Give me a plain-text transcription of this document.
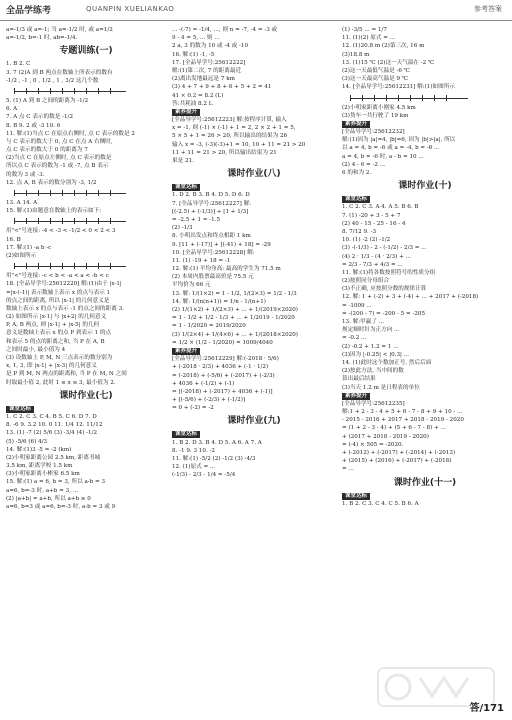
全品学练考	QUANPIN XUELIANKAO	参考答案
a=-1/3 或 a=-1; 当 a=-1/2 时, 或 a=1/2
a=-1/2, b=-1 时, ab=-1/4.
专题训练(一)
1. B 2. C
3. 7 (2)A 到 B 两点在数轴上所表示的数有
-1/2 , -1 , 0 , 1/2 , 1 , 3/2 这几个数
5. (1) A 到 B 之间的距离为 -1/2
6. A
7. A 点 C 表示的数是 -1/2
8. B 9. 2 或 -3 10. 6
11. 解:(1)当点 C 在原点右侧时, 点 C 表示的数是 2
与 C 表示的数大于 0, 点 C 在点 A 右侧时,
点 C 表示的数大于 0 的距离为 7
(2)当点 C 在原点左侧时, 点 C 表示的数是
所以点 C 表示的数为 -1 或 -7, 点 B 表示
的数为 3 或 -3.
12. 点 A, B 表示的数分别为 -3, 1/2
13. A 14. A
15. 解:(1)由题意在数轴上的表示如下:
用"<"号连接: -4 < -3 < -1/2 < 0 < 2 < 3
16. B
17. 解:(1) -a b -c
(2)如图所示
用"<"号连接: -c < b < -a < a < -b < c
18. [全品导学号:25612220] 解:(1)由于 |x-1|
=|x-(-1)| 表示数轴上表示 x 的点与表示 1
的点之间的距离, 所以 |x-1| 的几何意义是
数轴上表示 x 的点与表示 -1 的点之间的距离 3.
(2) 如图所示 |x-1| 与 |x+2| 的几何意义
P, A, B 两点, 则 |x-1| + |x-5| 的几何
意义是数轴上表示 x 的点 P 到表示 1 的点
和表示 5 的点的距离之和, 当 P 在 A, B
之间时最小, 最小值为 4
(3) 设数轴上 P, M, N 三点表示的数分别为
x, 1, 3, 即 |x-1| + |x-3| 的几何意义
是 P 到 M, N 两点的距离和, 当 P 在 M, N 之间
时取最小值 2, 此时 1 ≤ x ≤ 3, 最小值为 2.
课时作业(七)
课堂达标
1. C 2. C 3. C 4. B 5. C 6. D 7. D
8. -6 9. 3.2 10. 0 11. 1/4 12. 11/12
13. (1) -7 (2) 5/6 (3) -3/4 (4) -1/2
(5) -5/6 (6) 4/3
14. 解:(1)3 -5 = -2 (km)
(2)小明家距离公园 2.5 km, 距离书城
3.5 km, 距离学校 1.5 km
(3)小明家距离小彬家 6.5 km
15. 解:(1) a = 6, b = 3, 所以 a-b = 3
a=6, b=-3 时, a+b = 3, ...
(2) |a+b| = a+b, 所以 a+b ≥ 0
a=6, b=3 或 a=6, b=-3 时, a-b = 3 或 9
... -(-7) = -1/4, ..., 则 n = -7, -4 = -3 或
9 - 4 = 5, ... 则 ...
2 a, 3 的数为 10 或 -4 或 -10
16. 解:(1) -1, -5
17. [全品导学号:25612222]
解:(1)第二次, 7 的距离最近
(2)离出发地最远是 7 km
(3) 4 + 7 + 9 + 8 + 6 + 5 + 2 = 41
41 × 0.2 = 8.2 (L)
答:共耗油 8.2 L
素养提升
[全品导学号:25612223] 解:按程序计算, 输入
x = -1, 则 (-1) × (-1) + 1 = 2, 2 × 2 + 1 = 5,
5 × 5 + 1 = 26 > 20, 所以输出的结果为 26
输入 x = -3, (-3)(-3)+1 = 10, 10 + 11 = 21 > 20
11 + 11 = 21 > 20, 所以输出结果为 21
果是 21.
课时作业(八)
课堂达标
1. D 2. B 3. B 4. D 5. D 6. D
7. [全品导学号:25612227] 解:
[(-2.5) + (-1/3)] + [1 + 1/3]
= -2.5 + 1 = -1.5
(2) -1/3
8. 小明出发点和终点相距 1 km
9. [11 + (-17)] + [(-41) + 18] = -29
10. [全品导学号:25612228] 解:
11. (1) -19 + 18 = -1
12. 解:(1) 平均身高: 最高的学生为 71.5 m
(2) 本周内股票最高价是 75.5 元
平均价为 66 元
13. 解: 1/(1×2) = 1 - 1/2, 1/(2×3) = 1/2 - 1/3
14. 解: 1/(n(n+1)) = 1/n - 1/(n+1)
(2) 1/(1×2) + 1/(2×3) + ... + 1/(2019×2020)
= 1 - 1/2 + 1/2 - 1/3 + ... + 1/2019 - 1/2020
= 1 - 1/2020 = 2019/2020
(3) 1/(2×4) + 1/(4×6) + ... + 1/(2018×2020)
= 1/2 × (1/2 - 1/2020) = 1009/4040
素养提升
[全品导学号:25612229] 解:(-2018 · 5/6)
+ (-2018 · 2/3) + 4036 + (-1 · 1/2)
= (-2018) + (-5/6) + (-2017) + (-2/3)
+ 4036 + (-1/2) + (-1)
= [(-2018) + (-2017) + 4036 + (-1)]
+ [(-5/6) + (-2/3) + (-1/2)]
= 0 + (-2) = -2
课时作业(九)
课堂达标
1. B 2. D 3. B 4. D 5. A 6. A 7. A
8. -1 9. 3 10. -2
11. 解:(1) -5/2 (2) -1/2 (3) -4/3
12. (1)原式 = ...
(-1/3) - 2/3 - 1/4 = -5/4
(1) -3/5 ... = 1/7
11. (1)(2) 原式 = ...
12. (1)20.8 m (2)第三次, 16 m
(3)18.8 m
13. (1)15 ℃ (2)这一天气温在 -2 ℃
(2)这一天最低气温是 -6 ℃
(3)这一天最高气温是 9 ℃
14. [全品导学号:25612231] 解:(1)如图所示
(2)小明家距离小刚家 4.5 km
(3)货车一共行驶了 19 km
素养提升
[全品导学号:25612232]
解:(1)因为 |a|=4, |b|=6, 因为 |b|>|a|, 所以
以 a = 4, b = -6 或 a = -4, b = -6 ...
a = 4, b = -6 时, a - b = 10 ...
(2) 4 - 6 = -2 ...
6 的和为 2.
课时作业(十)
课堂达标
1. C 2. C 3. A 4. A 5. B 6. B
7. (1) -20 + 3 - 5 + 7
(2) 40 - 15 - 25 - 16 - 4
8. 7/12 9. -3
10. (1) -2 (2) -1/2
(3) -(-1/3) - 2 - (-1/2) - 2/3 = ...
(4) 2 · 1/3 - (4 · 2/3) + ...
= 2/3 - 7/3 + 4/3 = ...
11. 解:(1)将各数按照符号的性质分组
(2)按照同分母组合
(3)不正确, 应按照分数的规律计算
12. 解: 1 + (-2) + 3 + (-4) + ... + 2017 + (-2018)
= -1009 ...
= -(200 - 7) = -200 - 5 = -205
13. 解:甲赢了 ...
规定顺时针为正方向 ...
= -0.2 ...
(2) -0.2 + 1.2 = 1 ...
(3)因为 |-0.25| < |0.3| ...
14. (1)此时这个数加正号, 然后后面
(2)按此方法, 当中间的数
算出最后结果
(3)当天 1.2 m 是日程表的单位
素养提升
[全品导学号:25612235]
解:1 + 2 - 3 - 4 + 5 + 6 - 7 - 8 + 9 + 10 - ...
- 2015 - 2016 + 2017 + 2018 - 2019 - 2020
= (1 + 2 - 3 - 4) + (5 + 6 - 7 - 8) + ...
+ (2017 + 2018 - 2019 - 2020)
= (-4) × 505 = -2020.
+ (-2012) + (-2017) + (-2014) + (-2013)
+ (2015) + (2016) + (-2017) + (-2018)
= ...
课时作业(十一)
课堂达标
1. B 2. C 3. C 4. C 5. B 6. A
答/171
